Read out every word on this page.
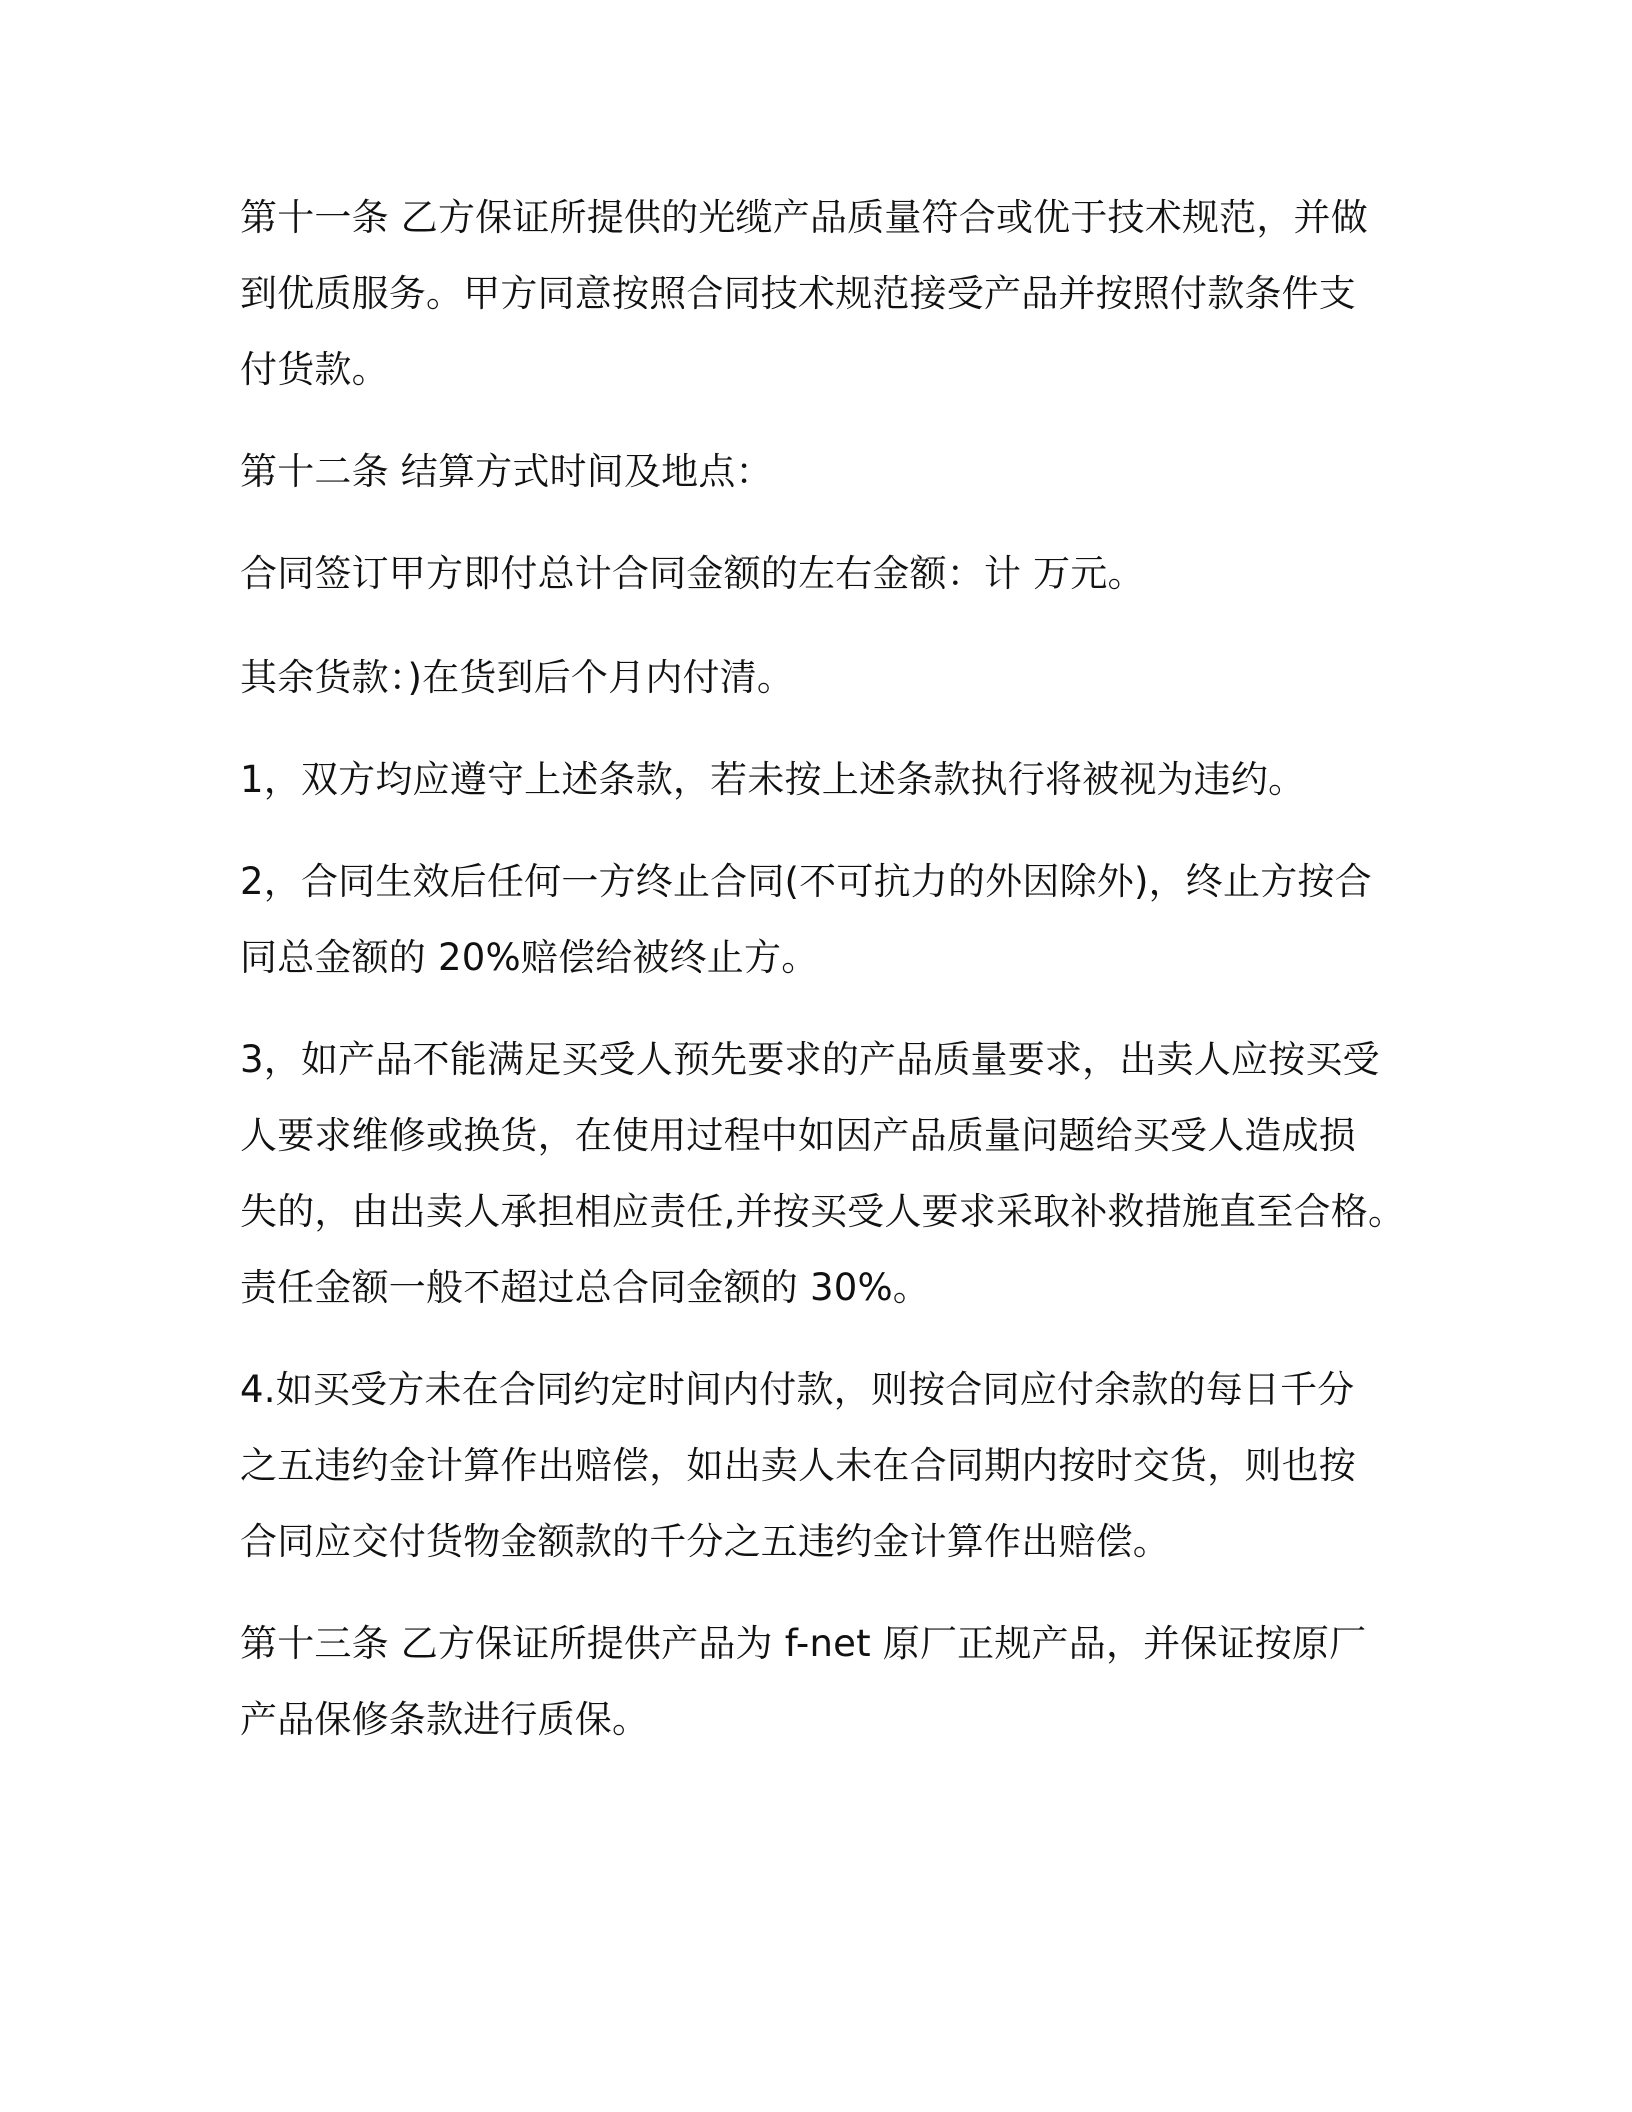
第十一条 乙方保证所提供的光缆产品质量符合或优于技术规范，并做
到优质服务。甲方同意按照合同技术规范接受产品并按照付款条件支
付货款。
第十二条 结算方式时间及地点：
合同签订甲方即付总计合同金额的左右金额：计 万元。
其余货款：)在货到后个月内付清。
1，双方均应遵守上述条款，若未按上述条款执行将被视为违约。
2，合同生效后任何一方终止合同(不可抗力的外因除外)，终止方按合
同总金额的 20%赔偿给被终止方。
3，如产品不能满足买受人预先要求的产品质量要求，出卖人应按买受
人要求维修或换货，在使用过程中如因产品质量问题给买受人造成损
失的，由出卖人承担相应责任,并按买受人要求采取补救措施直至合格。
责任金额一般不超过总合同金额的 30%。
4.如买受方未在合同约定时间内付款，则按合同应付余款的每日千分
之五违约金计算作出赔偿，如出卖人未在合同期内按时交货，则也按
合同应交付货物金额款的千分之五违约金计算作出赔偿。
第十三条 乙方保证所提供产品为 f-net 原厂正规产品，并保证按原厂
产品保修条款进行质保。
